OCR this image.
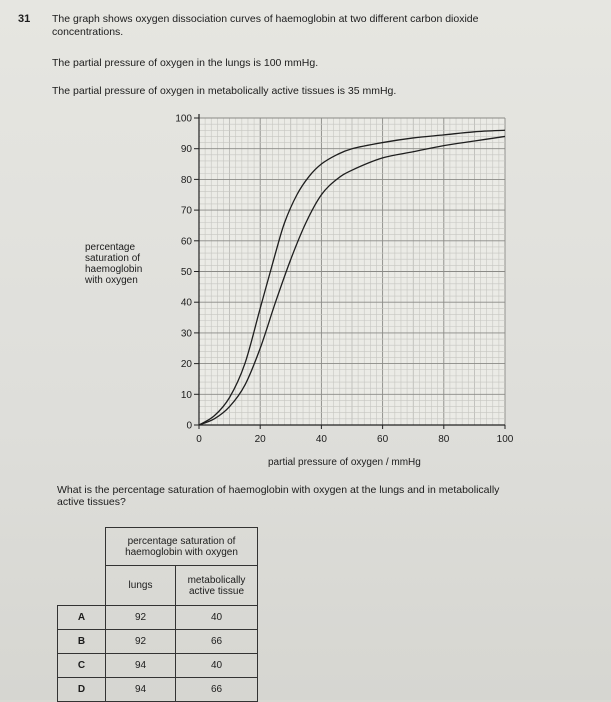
31 The graph shows oxygen dissociation curves of haemoglobin at two different carbon dioxide
concentrations.
The partial pressure of oxygen in the lungs is 100 mmHg.
The partial pressure of oxygen in metabolically active tissues is 35 mmHg.
0
10
20
30
40
50
60
70
80
90
100
0	20	40	60	80	100
percentage
saturation of
haemoglobin
with oxygen
partial pressure of oxygen / mmHg
What is the percentage saturation of haemoglobin with oxygen at the lungs and in metabolically
active tissues?

	percentage saturation of
haemoglobin with oxygen	

	lungs	metabolically
active tissue

A	92	40
B	92	66
C	94	40
D	94	66
